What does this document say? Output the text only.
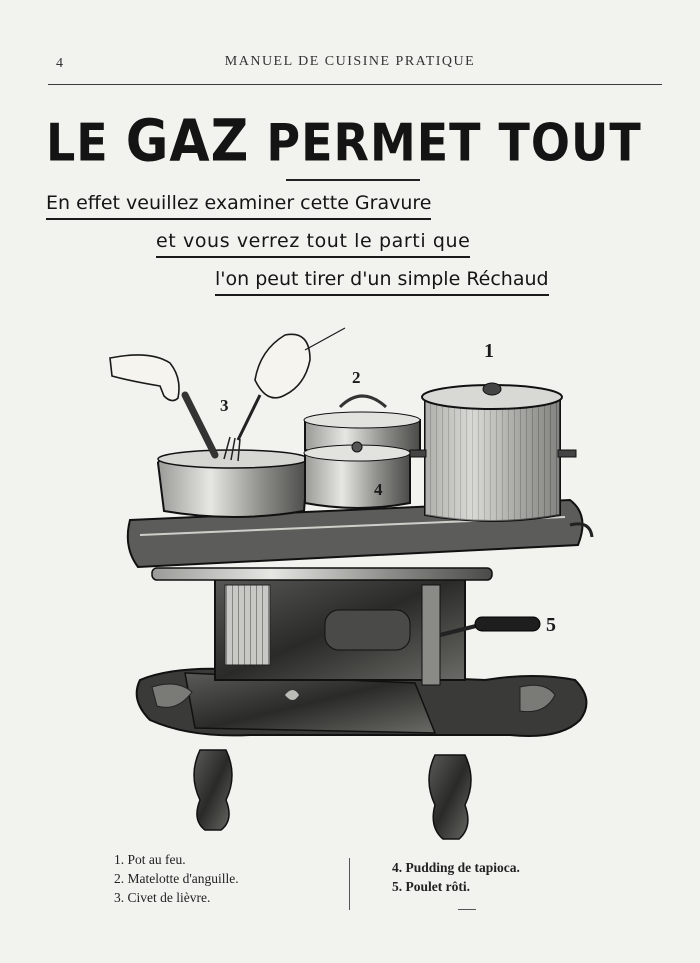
4	MANUEL DE CUISINE PRATIQUE
LE GAZ PERMET TOUT
En effet veuillez examiner cette Gravure
et vous verrez tout le parti que
l'on peut tirer d'un simple Réchaud
1
2
3
4
5
1. Pot au feu.
2. Matelotte d'anguille.
3. Civet de lièvre.
4. Pudding de tapioca.
5. Poulet rôti.
